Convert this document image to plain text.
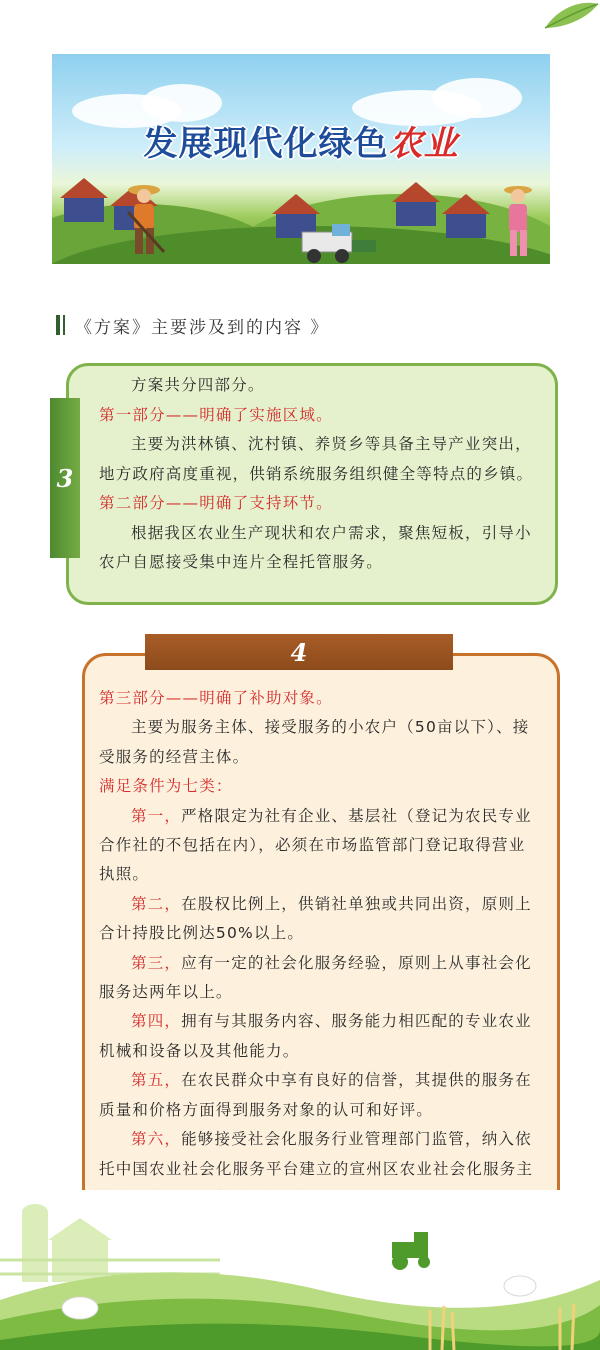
发展现代化绿色农业
《方案》主要涉及到的内容 》

方案共分四部分。

第一部分——明确了实施区域。

主要为洪林镇、沈村镇、养贤乡等具备主导产业突出，地方政府高度重视，供销系统服务组织健全等特点的乡镇。

第二部分——明确了支持环节。

根据我区农业生产现状和农户需求，聚焦短板，引导小农户自愿接受集中连片全程托管服务。

3

第三部分——明确了补助对象。

主要为服务主体、接受服务的小农户（50亩以下）、接受服务的经营主体。

满足条件为七类：

第一，严格限定为社有企业、基层社（登记为农民专业合作社的不包括在内），必须在市场监管部门登记取得营业执照。

第二，在股权比例上，供销社单独或共同出资，原则上合计持股比例达50%以上。

第三，应有一定的社会化服务经验，原则上从事社会化服务达两年以上。

第四，拥有与其服务内容、服务能力相匹配的专业农业机械和设备以及其他能力。

第五，在农民群众中享有良好的信誉，其提供的服务在质量和价格方面得到服务对象的认可和好评。

第六，能够接受社会化服务行业管理部门监管，纳入依托中国农业社会化服务平台建立的宣州区农业社会化服务主

4
